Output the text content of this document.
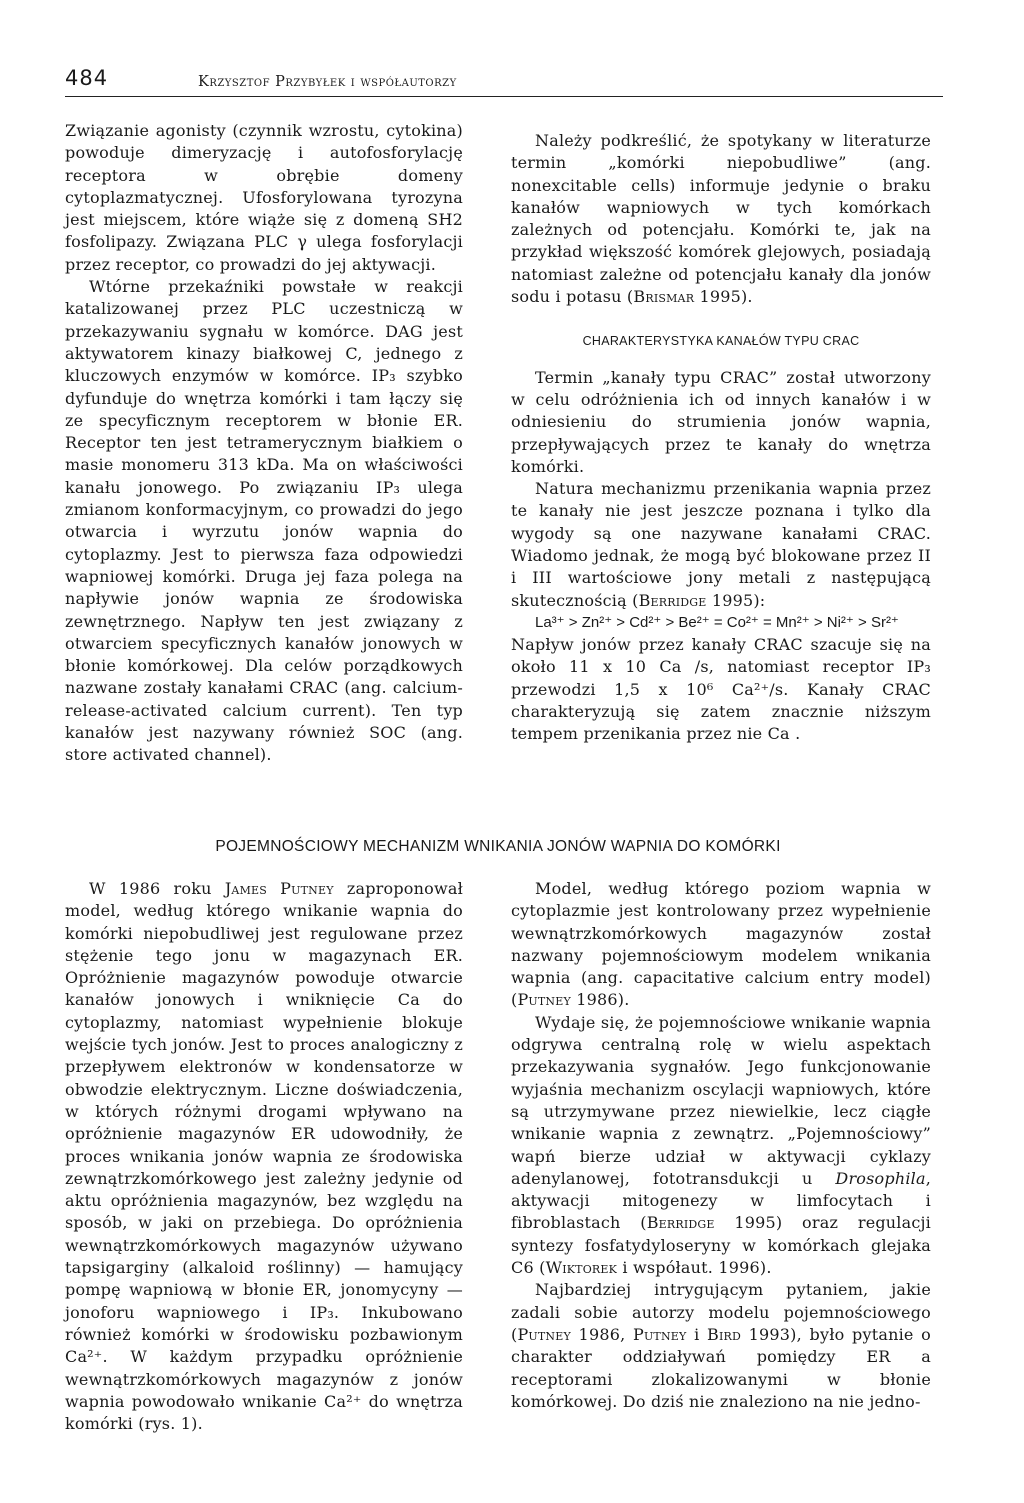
484	Krzysztof Przybyłek i współautorzy

Związanie agonisty (czynnik wzrostu, cytokina) powoduje dimeryzację i autofosforylację receptora w obrębie domeny cytoplazmatycznej. Ufosforylowana tyrozyna jest miejscem, które wiąże się z domeną SH2 fosfolipazy. Związana PLC γ ulega fosforylacji przez receptor, co prowadzi do jej aktywacji.

Wtórne przekaźniki powstałe w reakcji katalizowanej przez PLC uczestniczą w przekazywaniu sygnału w komórce. DAG jest aktywatorem kinazy białkowej C, jednego z kluczowych enzymów w komórce. IP₃ szybko dyfunduje do wnętrza komórki i tam łączy się ze specyficznym receptorem w błonie ER. Receptor ten jest tetramerycznym białkiem o masie monomeru 313 kDa. Ma on właściwości kanału jonowego. Po związaniu IP₃ ulega zmianom konformacyjnym, co prowadzi do jego otwarcia i wyrzutu jonów wapnia do cytoplazmy. Jest to pierwsza faza odpowiedzi wapniowej komórki. Druga jej faza polega na napływie jonów wapnia ze środowiska zewnętrznego. Napływ ten jest związany z otwarciem specyficznych kanałów jonowych w błonie komórkowej. Dla celów porządkowych nazwane zostały kanałami CRAC (ang. calcium-release-activated calcium current). Ten typ kanałów jest nazywany również SOC (ang. store activated channel).

Należy podkreślić, że spotykany w literaturze termin „komórki niepobudliwe” (ang. nonexcitable cells) informuje jedynie o braku kanałów wapniowych w tych komórkach zależnych od potencjału. Komórki te, jak na przykład większość komórek glejowych, posiadają natomiast zależne od potencjału kanały dla jonów sodu i potasu (Brismar 1995).

CHARAKTERYSTYKA KANAŁÓW TYPU CRAC

Termin „kanały typu CRAC” został utworzony w celu odróżnienia ich od innych kanałów i w odniesieniu do strumienia jonów wapnia, przepływających przez te kanały do wnętrza komórki.

Natura mechanizmu przenikania wapnia przez te kanały nie jest jeszcze poznana i tylko dla wygody są one nazywane kanałami CRAC. Wiadomo jednak, że mogą być blokowane przez II i III wartościowe jony metali z następującą skutecznością (Berridge 1995):

La³⁺ > Zn²⁺ > Cd²⁺ > Be²⁺ = Co²⁺ = Mn²⁺ > Ni²⁺ > Sr²⁺

Napływ jonów przez kanały CRAC szacuje się na około 11 x 10 Ca /s, natomiast receptor IP₃ przewodzi 1,5 x 10⁶ Ca²⁺/s. Kanały CRAC charakteryzują się zatem znacznie niższym tempem przenikania przez nie Ca .

POJEMNOŚCIOWY MECHANIZM WNIKANIA JONÓW WAPNIA DO KOMÓRKI

W 1986 roku James Putney zaproponował model, według którego wnikanie wapnia do komórki niepobudliwej jest regulowane przez stężenie tego jonu w magazynach ER. Opróżnienie magazynów powoduje otwarcie kanałów jonowych i wniknięcie Ca do cytoplazmy, natomiast wypełnienie blokuje wejście tych jonów. Jest to proces analogiczny z przepływem elektronów w kondensatorze w obwodzie elektrycznym. Liczne doświadczenia, w których różnymi drogami wpływano na opróżnienie magazynów ER udowodniły, że proces wnikania jonów wapnia ze środowiska zewnątrzkomórkowego jest zależny jedynie od aktu opróżnienia magazynów, bez względu na sposób, w jaki on przebiega. Do opróżnienia wewnątrzkomórkowych magazynów używano tapsigarginy (alkaloid roślinny) — hamujący pompę wapniową w błonie ER, jonomycyny — jonoforu wapniowego i IP₃. Inkubowano również komórki w środowisku pozbawionym Ca²⁺. W każdym przypadku opróżnienie wewnątrzkomórkowych magazynów z jonów wapnia powodowało wnikanie Ca²⁺ do wnętrza komórki (rys. 1).

Model, według którego poziom wapnia w cytoplazmie jest kontrolowany przez wypełnienie wewnątrzkomórkowych magazynów został nazwany pojemnościowym modelem wnikania wapnia (ang. capacitative calcium entry model) (Putney 1986).

Wydaje się, że pojemnościowe wnikanie wapnia odgrywa centralną rolę w wielu aspektach przekazywania sygnałów. Jego funkcjonowanie wyjaśnia mechanizm oscylacji wapniowych, które są utrzymywane przez niewielkie, lecz ciągłe wnikanie wapnia z zewnątrz. „Pojemnościowy” wapń bierze udział w aktywacji cyklazy adenylanowej, fototransdukcji u Drosophila, aktywacji mitogenezy w limfocytach i fibroblastach (Berridge 1995) oraz regulacji syntezy fosfatydyloseryny w komórkach glejaka C6 (Wiktorek i współaut. 1996).

Najbardziej intrygującym pytaniem, jakie zadali sobie autorzy modelu pojemnościowego (Putney 1986, Putney i Bird 1993), było pytanie o charakter oddziaływań pomiędzy ER a receptorami zlokalizowanymi w błonie komórkowej. Do dziś nie znaleziono na nie jedno-
